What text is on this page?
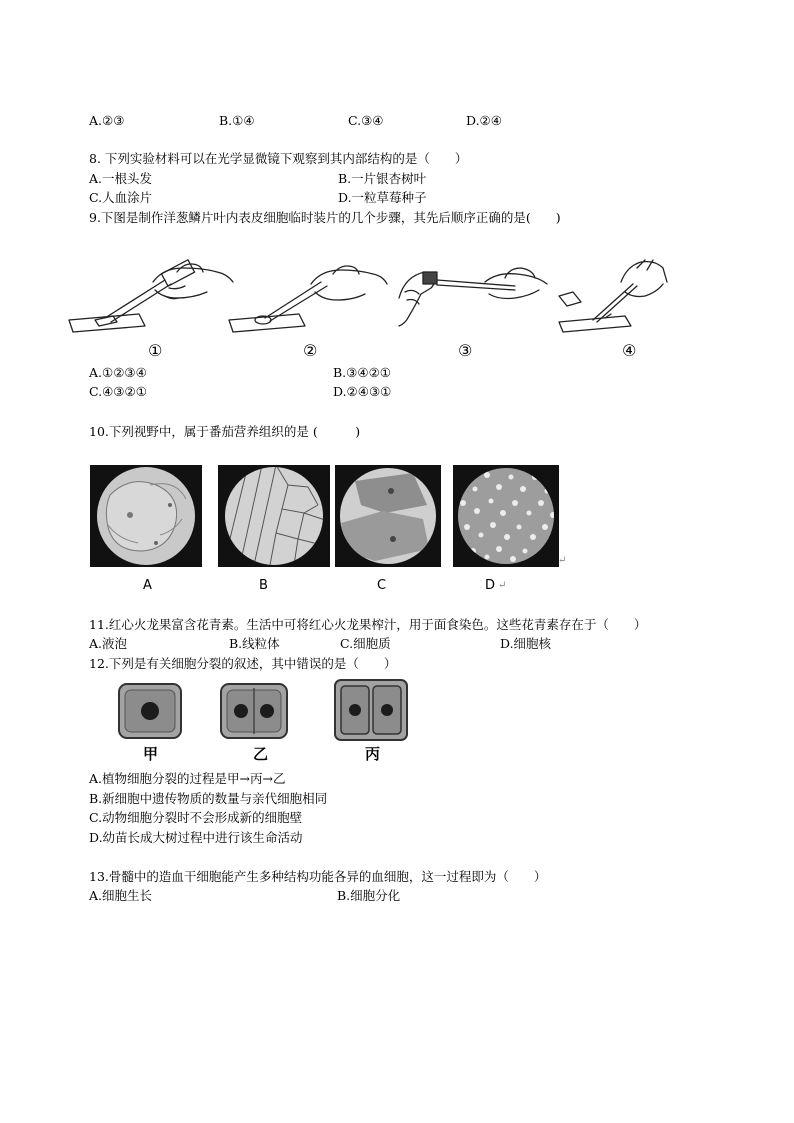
A.②③	B.①④	C.③④	D.②④
8. 下列实验材料可以在光学显微镜下观察到其内部结构的是（　　）
A.一根头发	B.一片银杏树叶
C.人血涂片	D.一粒草莓种子
9.下图是制作洋葱鳞片叶内表皮细胞临时装片的几个步骤，其先后顺序正确的是(　　)
①	②	③	④
A.①②③④	B.③④②①
C.④③②①	D.②④③①
10.下列视野中，属于番茄营养组织的是 (　　　)
↵
A	B	C	D ↵
11.红心火龙果富含花青素。生活中可将红心火龙果榨汁，用于面食染色。这些花青素存在于（　　）
A.液泡	B.线粒体	C.细胞质	D.细胞核
12.下列是有关细胞分裂的叙述，其中错误的是（　　）
甲	乙	丙
A.植物细胞分裂的过程是甲→丙→乙
B.新细胞中遗传物质的数量与亲代细胞相同
C.动物细胞分裂时不会形成新的细胞壁
D.幼苗长成大树过程中进行该生命活动
13.骨髓中的造血干细胞能产生多种结构功能各异的血细胞，这一过程即为（　　）
A.细胞生长	B.细胞分化
